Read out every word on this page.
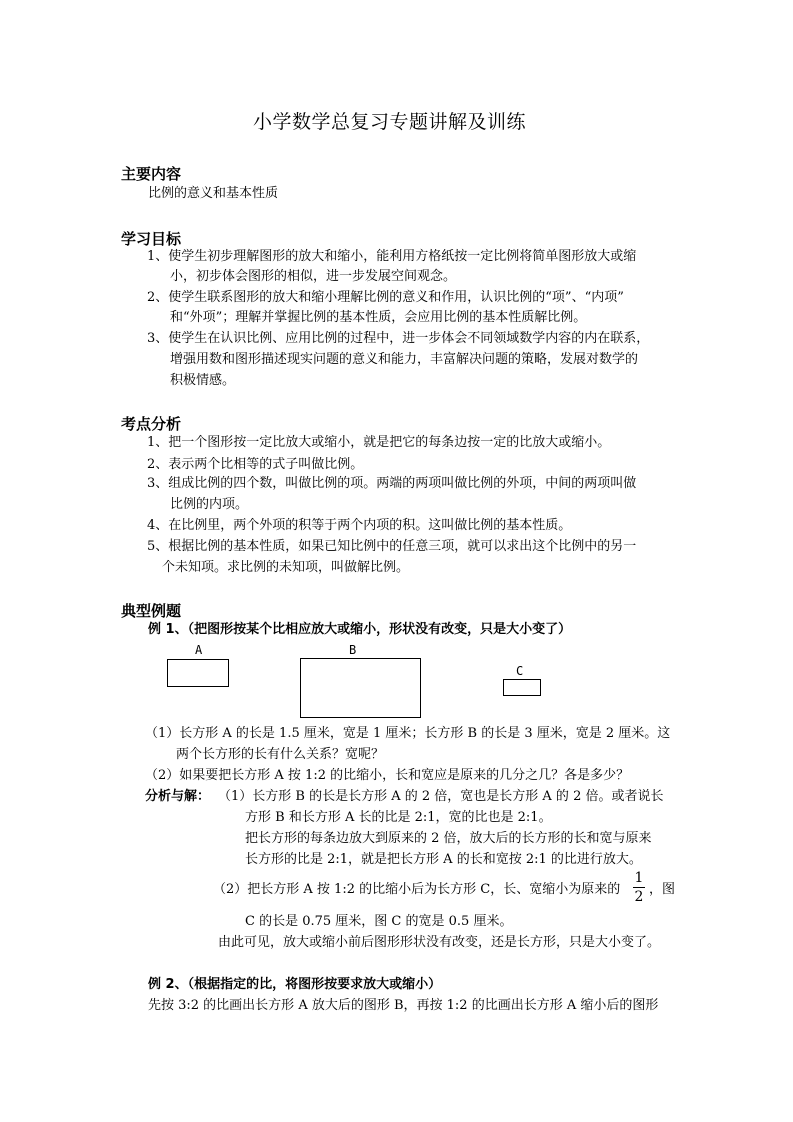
小学数学总复习专题讲解及训练
主要内容
比例的意义和基本性质
学习目标
1、使学生初步理解图形的放大和缩小，能利用方格纸按一定比例将简单图形放大或缩
小，初步体会图形的相似，进一步发展空间观念。
2、使学生联系图形的放大和缩小理解比例的意义和作用，认识比例的“项”、“内项”
和“外项”；理解并掌握比例的基本性质，会应用比例的基本性质解比例。
3、使学生在认识比例、应用比例的过程中，进一步体会不同领域数学内容的内在联系，
增强用数和图形描述现实问题的意义和能力，丰富解决问题的策略，发展对数学的
积极情感。
考点分析
1、把一个图形按一定比放大或缩小，就是把它的每条边按一定的比放大或缩小。
2、表示两个比相等的式子叫做比例。
3、组成比例的四个数，叫做比例的项。两端的两项叫做比例的外项，中间的两项叫做
比例的内项。
4、在比例里，两个外项的积等于两个内项的积。这叫做比例的基本性质。
5、根据比例的基本性质，如果已知比例中的任意三项，就可以求出这个比例中的另一
个未知项。求比例的未知项，叫做解比例。
典型例题
例 1、（把图形按某个比相应放大或缩小，形状没有改变，只是大小变了）
A	B
C
（1）长方形 A 的长是 1.5 厘米，宽是 1 厘米；长方形 B 的长是 3 厘米，宽是 2 厘米。这
两个长方形的长有什么关系？宽呢？
（2）如果要把长方形 A 按 1:2 的比缩小，长和宽应是原来的几分之几？各是多少？
分析与解： （1）长方形 B 的长是长方形 A 的 2 倍，宽也是长方形 A 的 2 倍。或者说长
方形 B 和长方形 A 长的比是 2:1，宽的比也是 2:1。
把长方形的每条边放大到原来的 2 倍，放大后的长方形的长和宽与原来
长方形的比是 2:1，就是把长方形 A 的长和宽按 2:1 的比进行放大。
（2）把长方形 A 按 1:2 的比缩小后为长方形 C，长、宽缩小为原来的
1
2 ，图
C 的长是 0.75 厘米，图 C 的宽是 0.5 厘米。
由此可见，放大或缩小前后图形形状没有改变，还是长方形，只是大小变了。
例 2、（根据指定的比，将图形按要求放大或缩小）
先按 3:2 的比画出长方形 A 放大后的图形 B，再按 1:2 的比画出长方形 A 缩小后的图形
